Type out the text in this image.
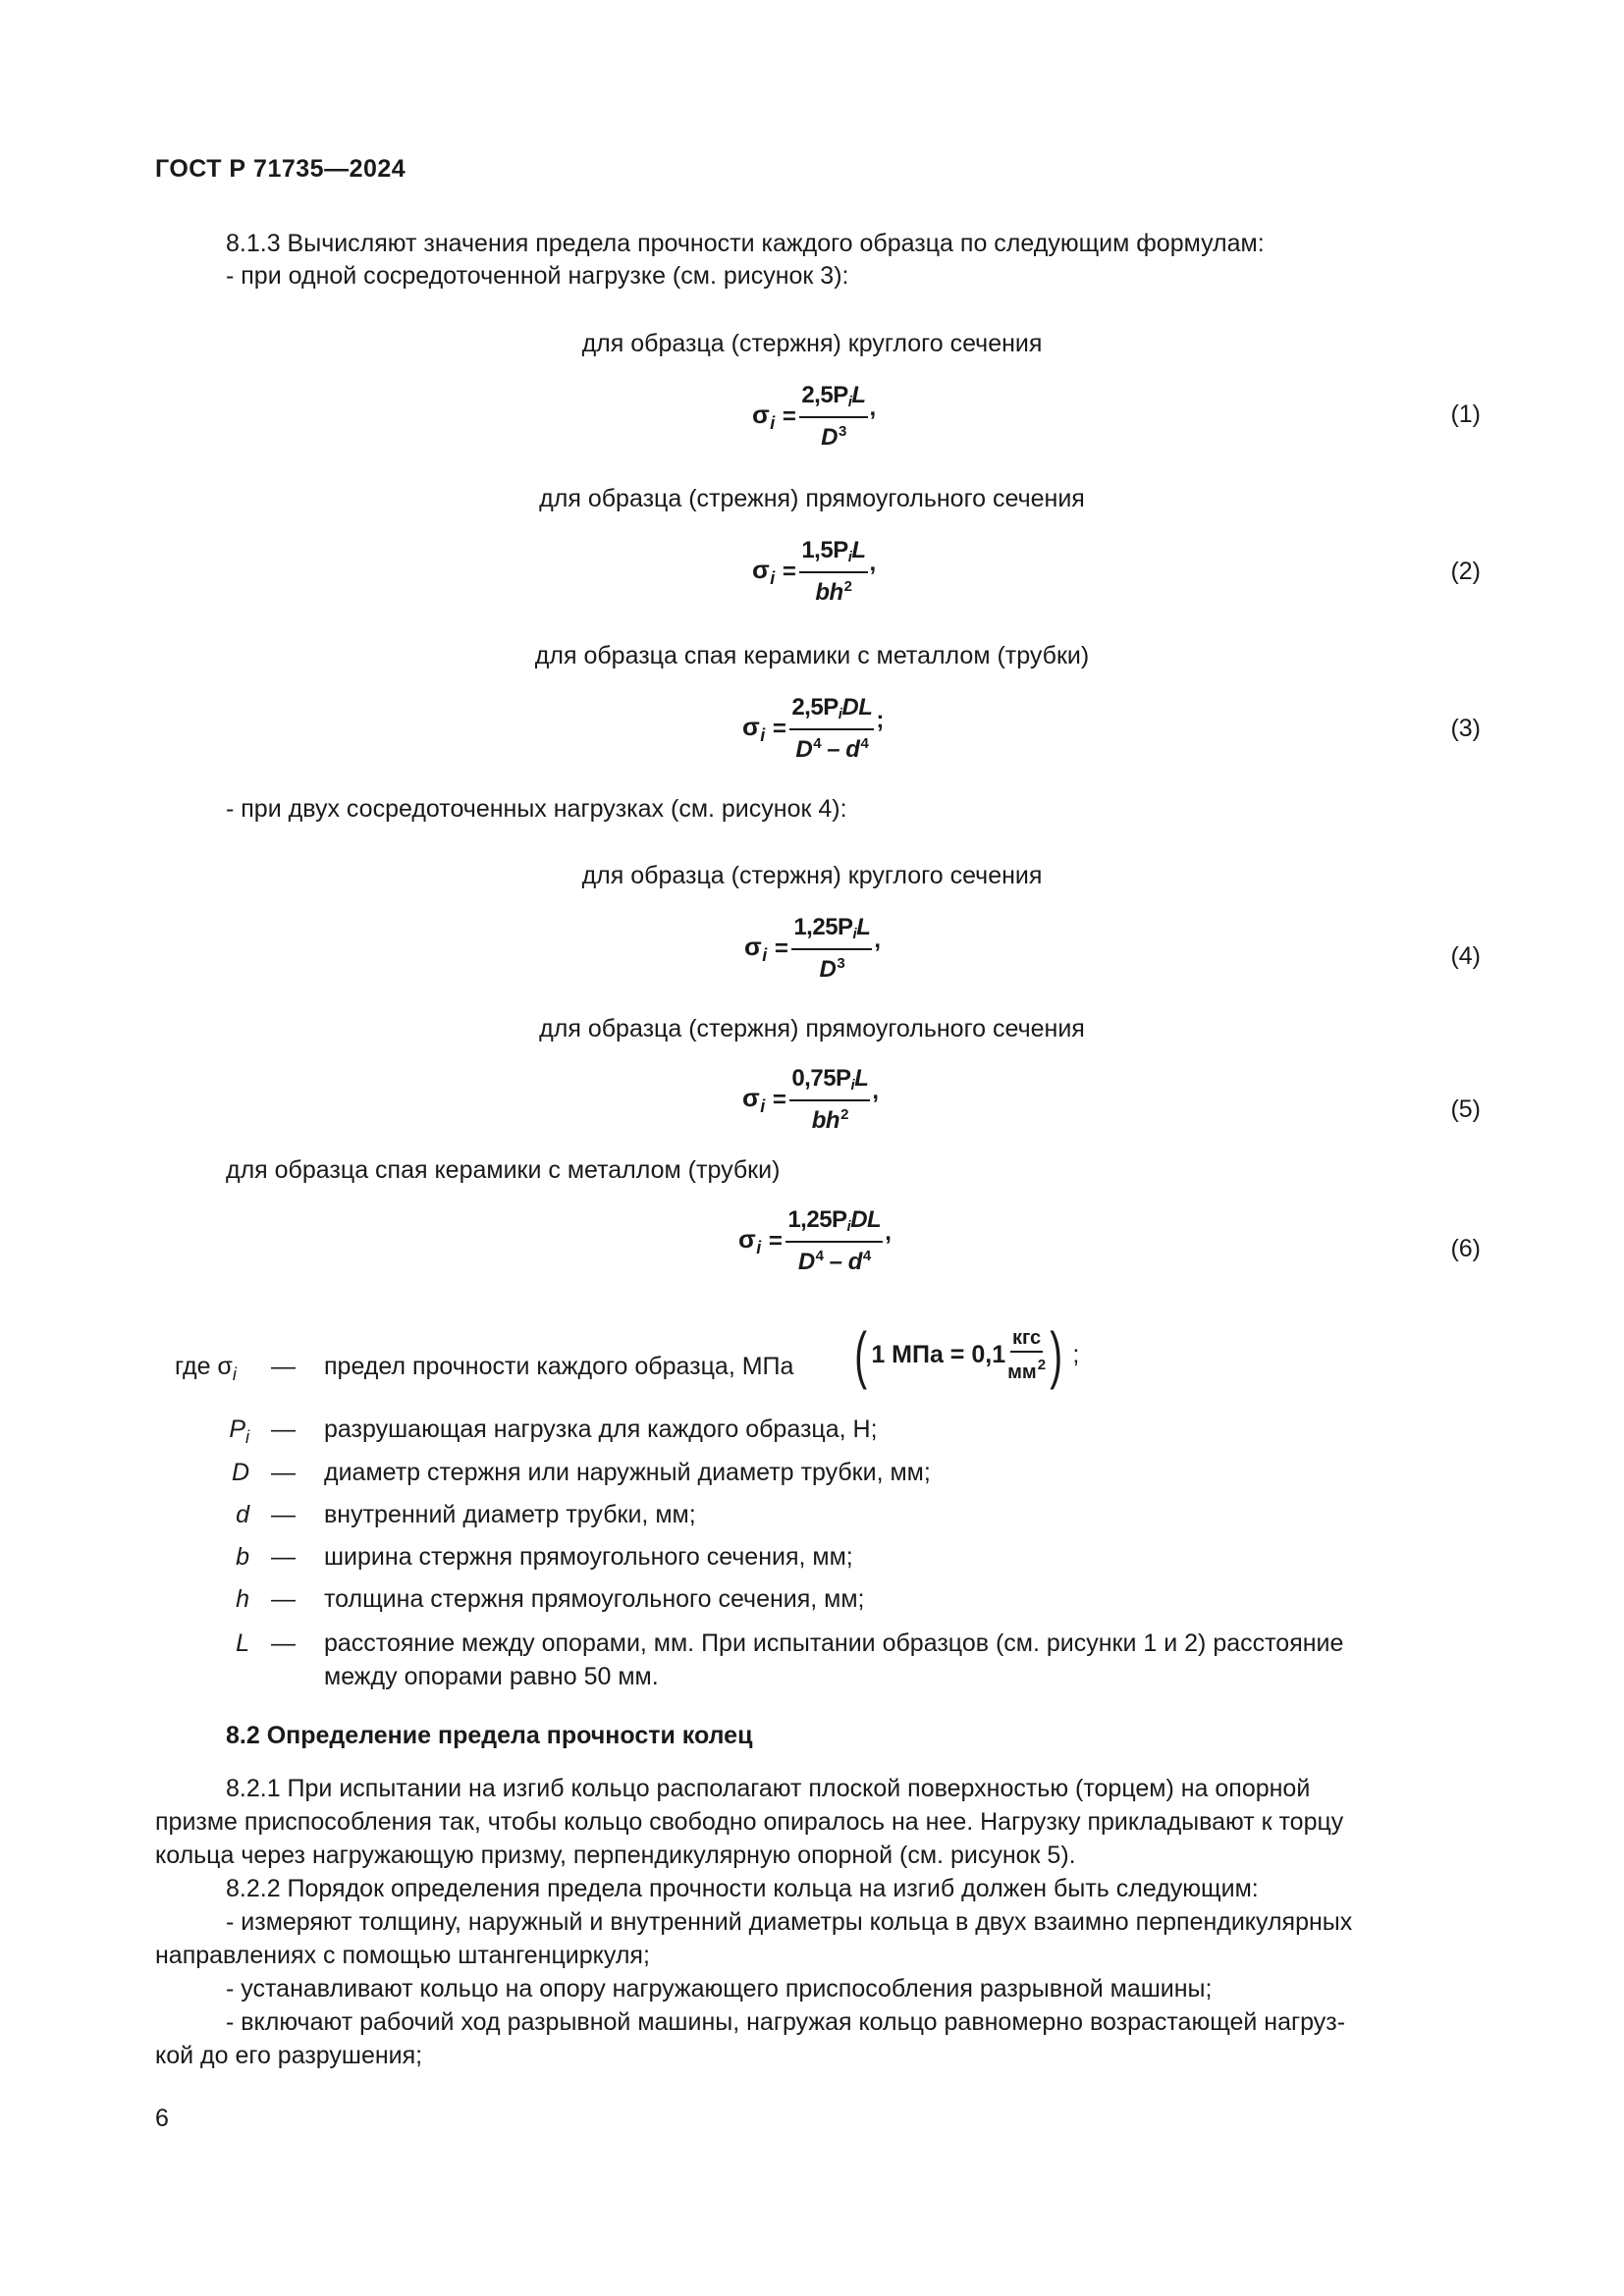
ГОСТ Р 71735—2024
8.1.3 Вычисляют значения предела прочности каждого образца по следующим формулам:
- при одной сосредоточенной нагрузке (см. рисунок 3):
для образца (стержня) круглого сечения
$\sigma_i = \frac{2,5P_iL}{D^3}$ ,	(1)
для образца (стрежня) прямоугольного сечения
$\sigma_i = \frac{1,5P_iL}{bh^2}$ ,	(2)
для образца спая керамики с металлом (трубки)
$\sigma_i = \frac{2,5P_iDL}{D^4 - d^4}$ ;	(3)
- при двух сосредоточенных нагрузках (см. рисунок 4):
для образца (стержня) круглого сечения
$\sigma_i = \frac{1,25P_iL}{D^3}$ ,
(4)
для образца (стержня) прямоугольного сечения
$\sigma_i = \frac{0,75P_iL}{bh^2}$ ,
(5)
для образца спая керамики с металлом (трубки)
$\sigma_i = \frac{1,25P_iDL}{D^4 - d^4}$ ,
(6)
где $\sigma_i$ — предел прочности каждого образца, МПа ( 1 МПа = $0,1 \frac{\text{кгс}}{мм^2}$ ) ;
$P_i$ — разрушающая нагрузка для каждого образца, Н;
D — диаметр стержня или наружный диаметр трубки, мм;
d — внутренний диаметр трубки, мм;
b — ширина стержня прямоугольного сечения, мм;
h — толщина стержня прямоугольного сечения, мм;
L — расстояние между опорами, мм. При испытании образцов (см. рисунки 1 и 2) расстояние
между опорами равно 50 мм.
8.2 Определение предела прочности колец
8.2.1 При испытании на изгиб кольцо располагают плоской поверхностью (торцем) на опорной
призме приспособления так, чтобы кольцо свободно опиралось на нее. Нагрузку прикладывают к торцу
кольца через нагружающую призму, перпендикулярную опорной (см. рисунок 5).
8.2.2 Порядок определения предела прочности кольца на изгиб должен быть следующим:
- измеряют толщину, наружный и внутренний диаметры кольца в двух взаимно перпендикулярных
направлениях с помощью штангенциркуля;
- устанавливают кольцо на опору нагружающего приспособления разрывной машины;
- включают рабочий ход разрывной машины, нагружая кольцо равномерно возрастающей нагруз-
кой до его разрушения;
6
